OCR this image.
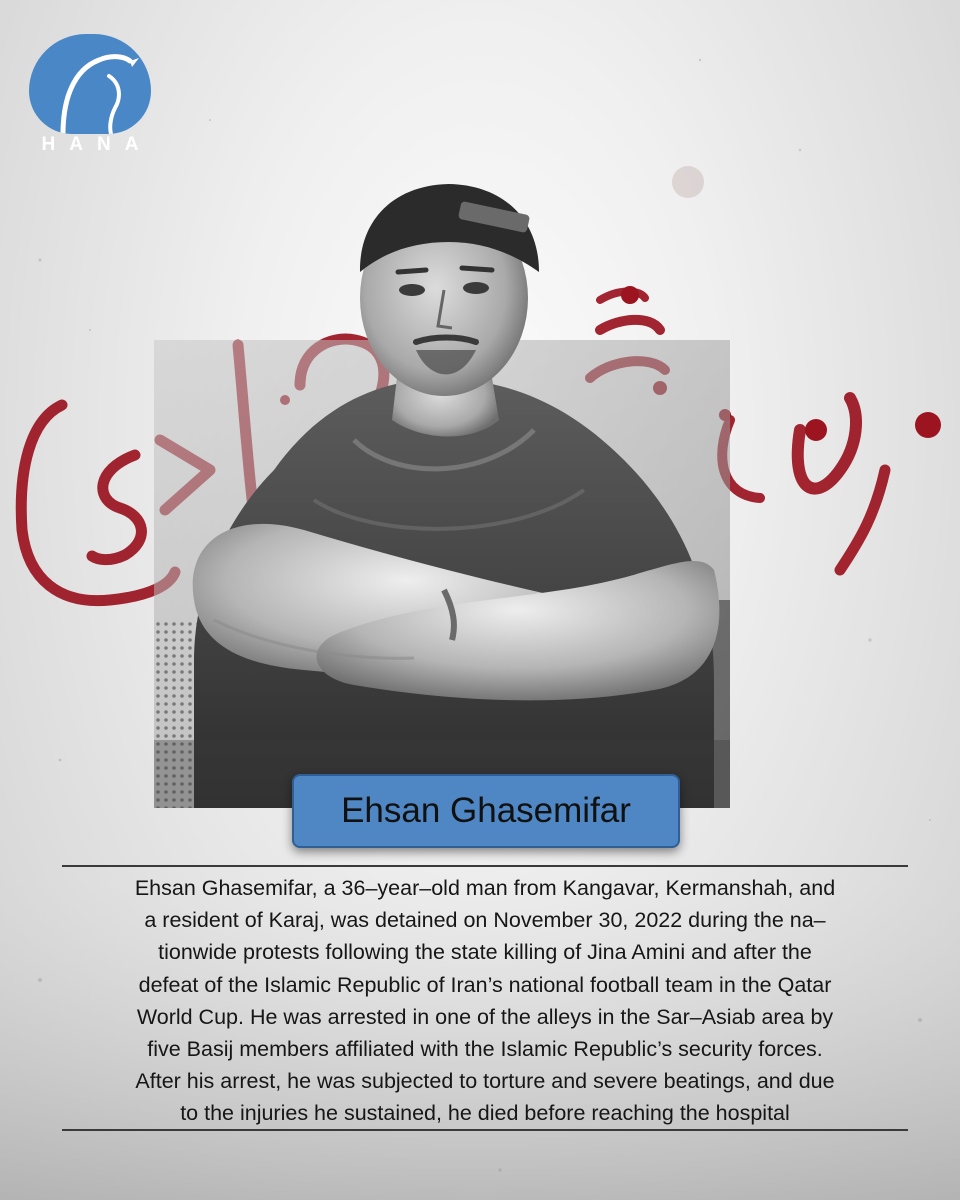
HANA
Ehsan Ghasemifar
Ehsan Ghasemifar, a 36–year–old man from Kangavar, Kermanshah, and
a resident of Karaj, was detained on November 30, 2022 during the na–
tionwide protests following the state killing of Jina Amini and after the
defeat of the Islamic Republic of Iran’s national football team in the Qatar
World Cup. He was arrested in one of the alleys in the Sar–Asiab area by
five Basij members affiliated with the Islamic Republic’s security forces.
After his arrest, he was subjected to torture and severe beatings, and due
to the injuries he sustained, he died before reaching the hospital
